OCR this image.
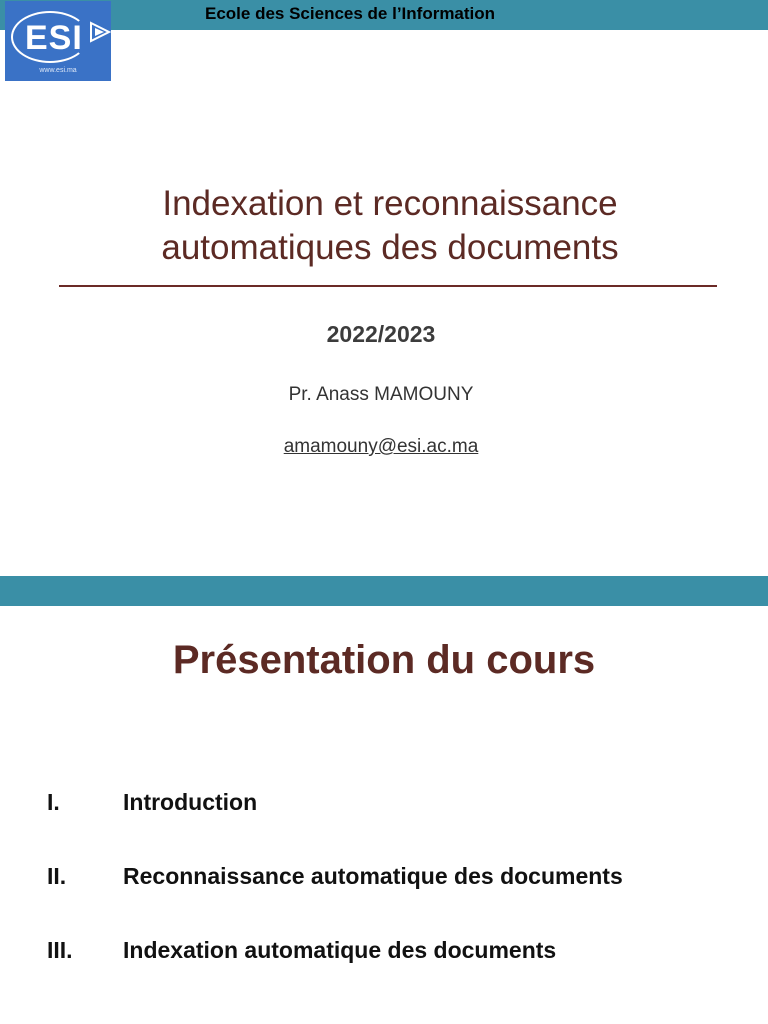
Ecole des Sciences de l’Information
ESI
www.esi.ma
Indexation et reconnaissance
automatiques des documents
2022/2023
Pr. Anass MAMOUNY
amamouny@esi.ac.ma
Présentation du cours
I.	Introduction
II. Reconnaissance automatique des documents
III. Indexation automatique des documents
